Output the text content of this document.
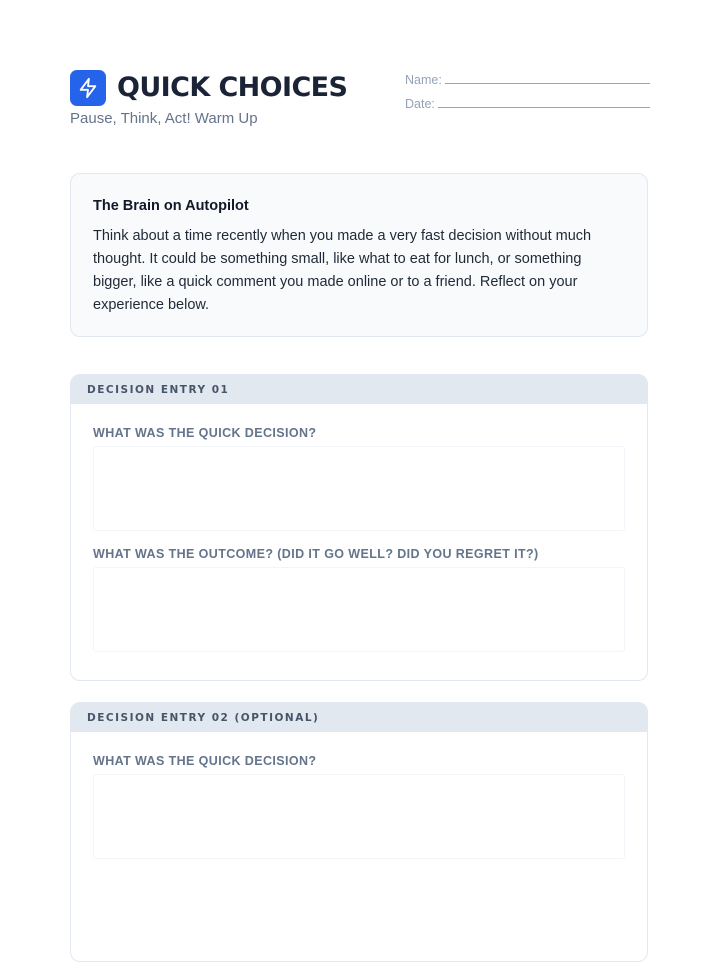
QUICK CHOICES
Pause, Think, Act! Warm Up
Name:
Date:
The Brain on Autopilot
Think about a time recently when you made a very fast decision without much thought. It could be something small, like what to eat for lunch, or something bigger, like a quick comment you made online or to a friend. Reflect on your experience below.
DECISION ENTRY 01
WHAT WAS THE QUICK DECISION?
WHAT WAS THE OUTCOME? (DID IT GO WELL? DID YOU REGRET IT?)
DECISION ENTRY 02 (OPTIONAL)
WHAT WAS THE QUICK DECISION?
